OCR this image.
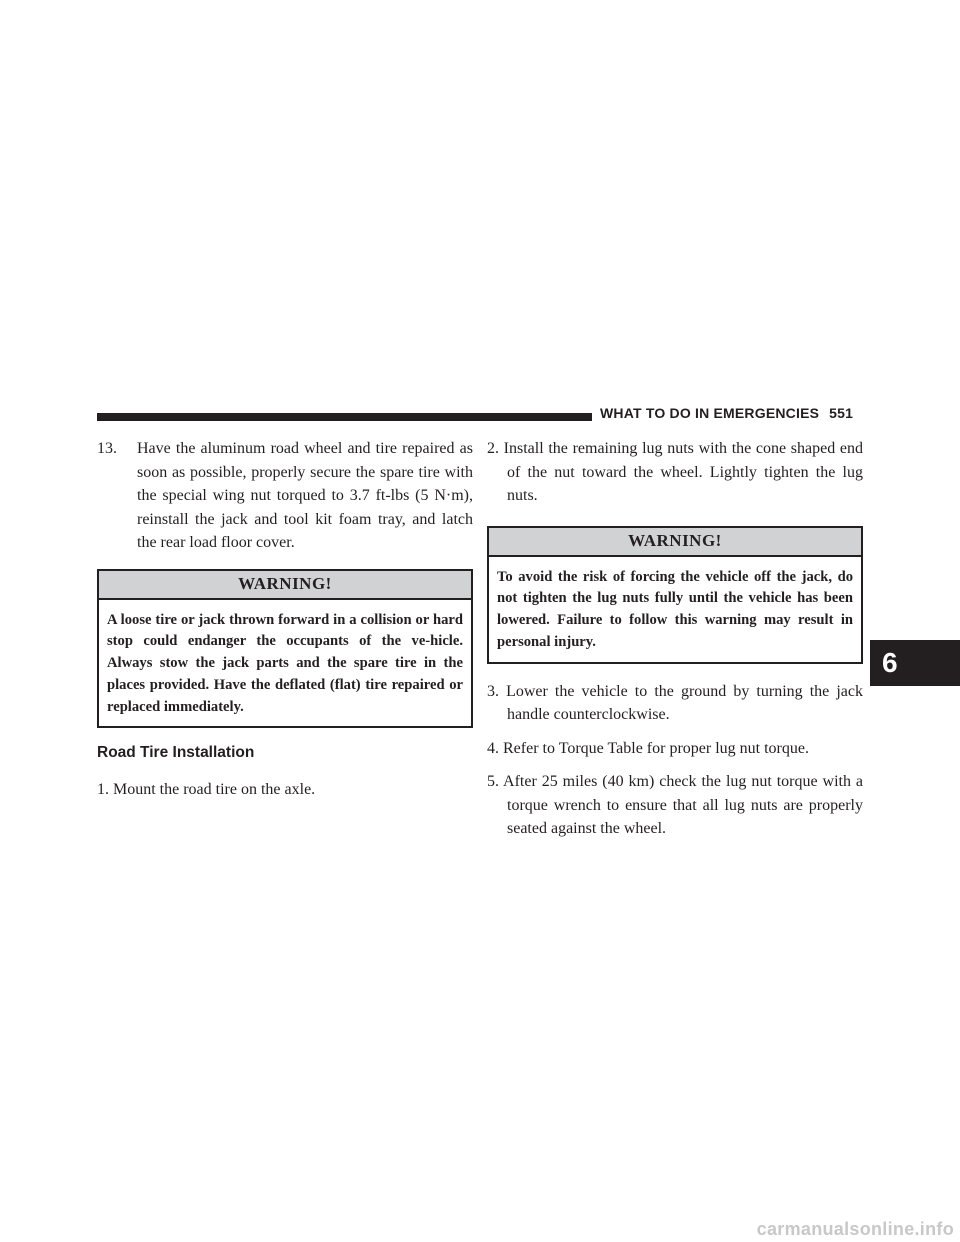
WHAT TO DO IN EMERGENCIES 551
13. Have the aluminum road wheel and tire repaired as soon as possible, properly secure the spare tire with the special wing nut torqued to 3.7 ft-lbs (5 N·m), reinstall the jack and tool kit foam tray, and latch the rear load floor cover.
WARNING!
A loose tire or jack thrown forward in a collision or hard stop could endanger the occupants of the ve-hicle. Always stow the jack parts and the spare tire in the places provided. Have the deflated (flat) tire repaired or replaced immediately.
Road Tire Installation
1. Mount the road tire on the axle.
2. Install the remaining lug nuts with the cone shaped end of the nut toward the wheel. Lightly tighten the lug nuts.
WARNING!
To avoid the risk of forcing the vehicle off the jack, do not tighten the lug nuts fully until the vehicle has been lowered. Failure to follow this warning may result in personal injury.
3. Lower the vehicle to the ground by turning the jack handle counterclockwise.
4. Refer to Torque Table for proper lug nut torque.
5. After 25 miles (40 km) check the lug nut torque with a torque wrench to ensure that all lug nuts are properly seated against the wheel.
6
carmanualsonline.info
